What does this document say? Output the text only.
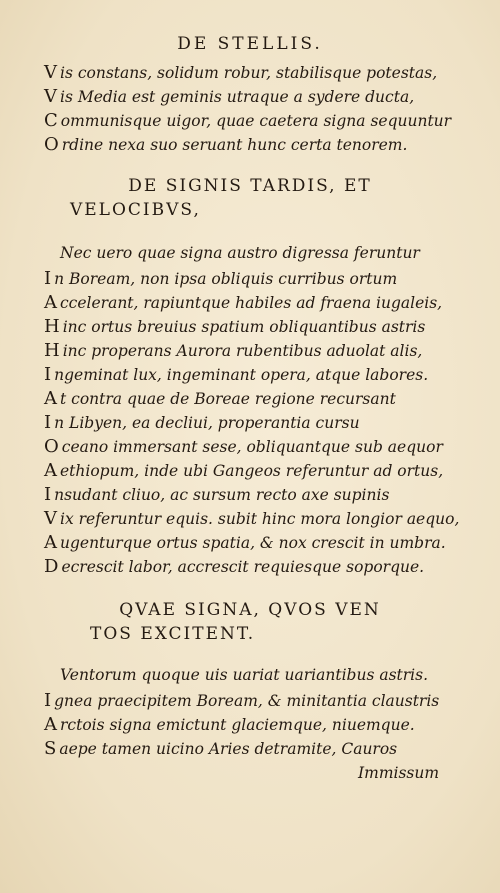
DE STELLIS.
V is constans, solidum robur, stabilisque potestas,
V is Media est geminis utraque a sydere ducta,
C ommunisque uigor, quae caetera signa sequuntur
O rdine nexa suo seruant hunc certa tenorem.
DE SIGNIS TARDIS, ET
VELOCIBVS,
Nec uero quae signa austro digressa feruntur
I n Boream, non ipsa obliquis curribus ortum
A ccelerant, rapiuntque habiles ad fraena iugaleis,
H inc ortus breuius spatium obliquantibus astris
H inc properans Aurora rubentibus aduolat alis,
I ngeminat lux, ingeminant opera, atque labores.
A t contra quae de Boreae regione recursant
I n Libyen, ea decliui, properantia cursu
O ceano immersant sese, obliquantque sub aequor
A ethiopum, inde ubi Gangeos referuntur ad ortus,
I nsudant cliuo, ac sursum recto axe supinis
V ix referuntur equis. subit hinc mora longior aequo,
A ugenturque ortus spatia, & nox crescit in umbra.
D ecrescit labor, accrescit requiesque soporque.
QVAE SIGNA, QVOS VEN
TOS EXCITENT.
Ventorum quoque uis uariat uariantibus astris.
I gnea praecipitem Boream, & minitantia claustris
A rctois signa emictunt glaciemque, niuemque.
S aepe tamen uicino Aries detramite, Cauros
Immissum
